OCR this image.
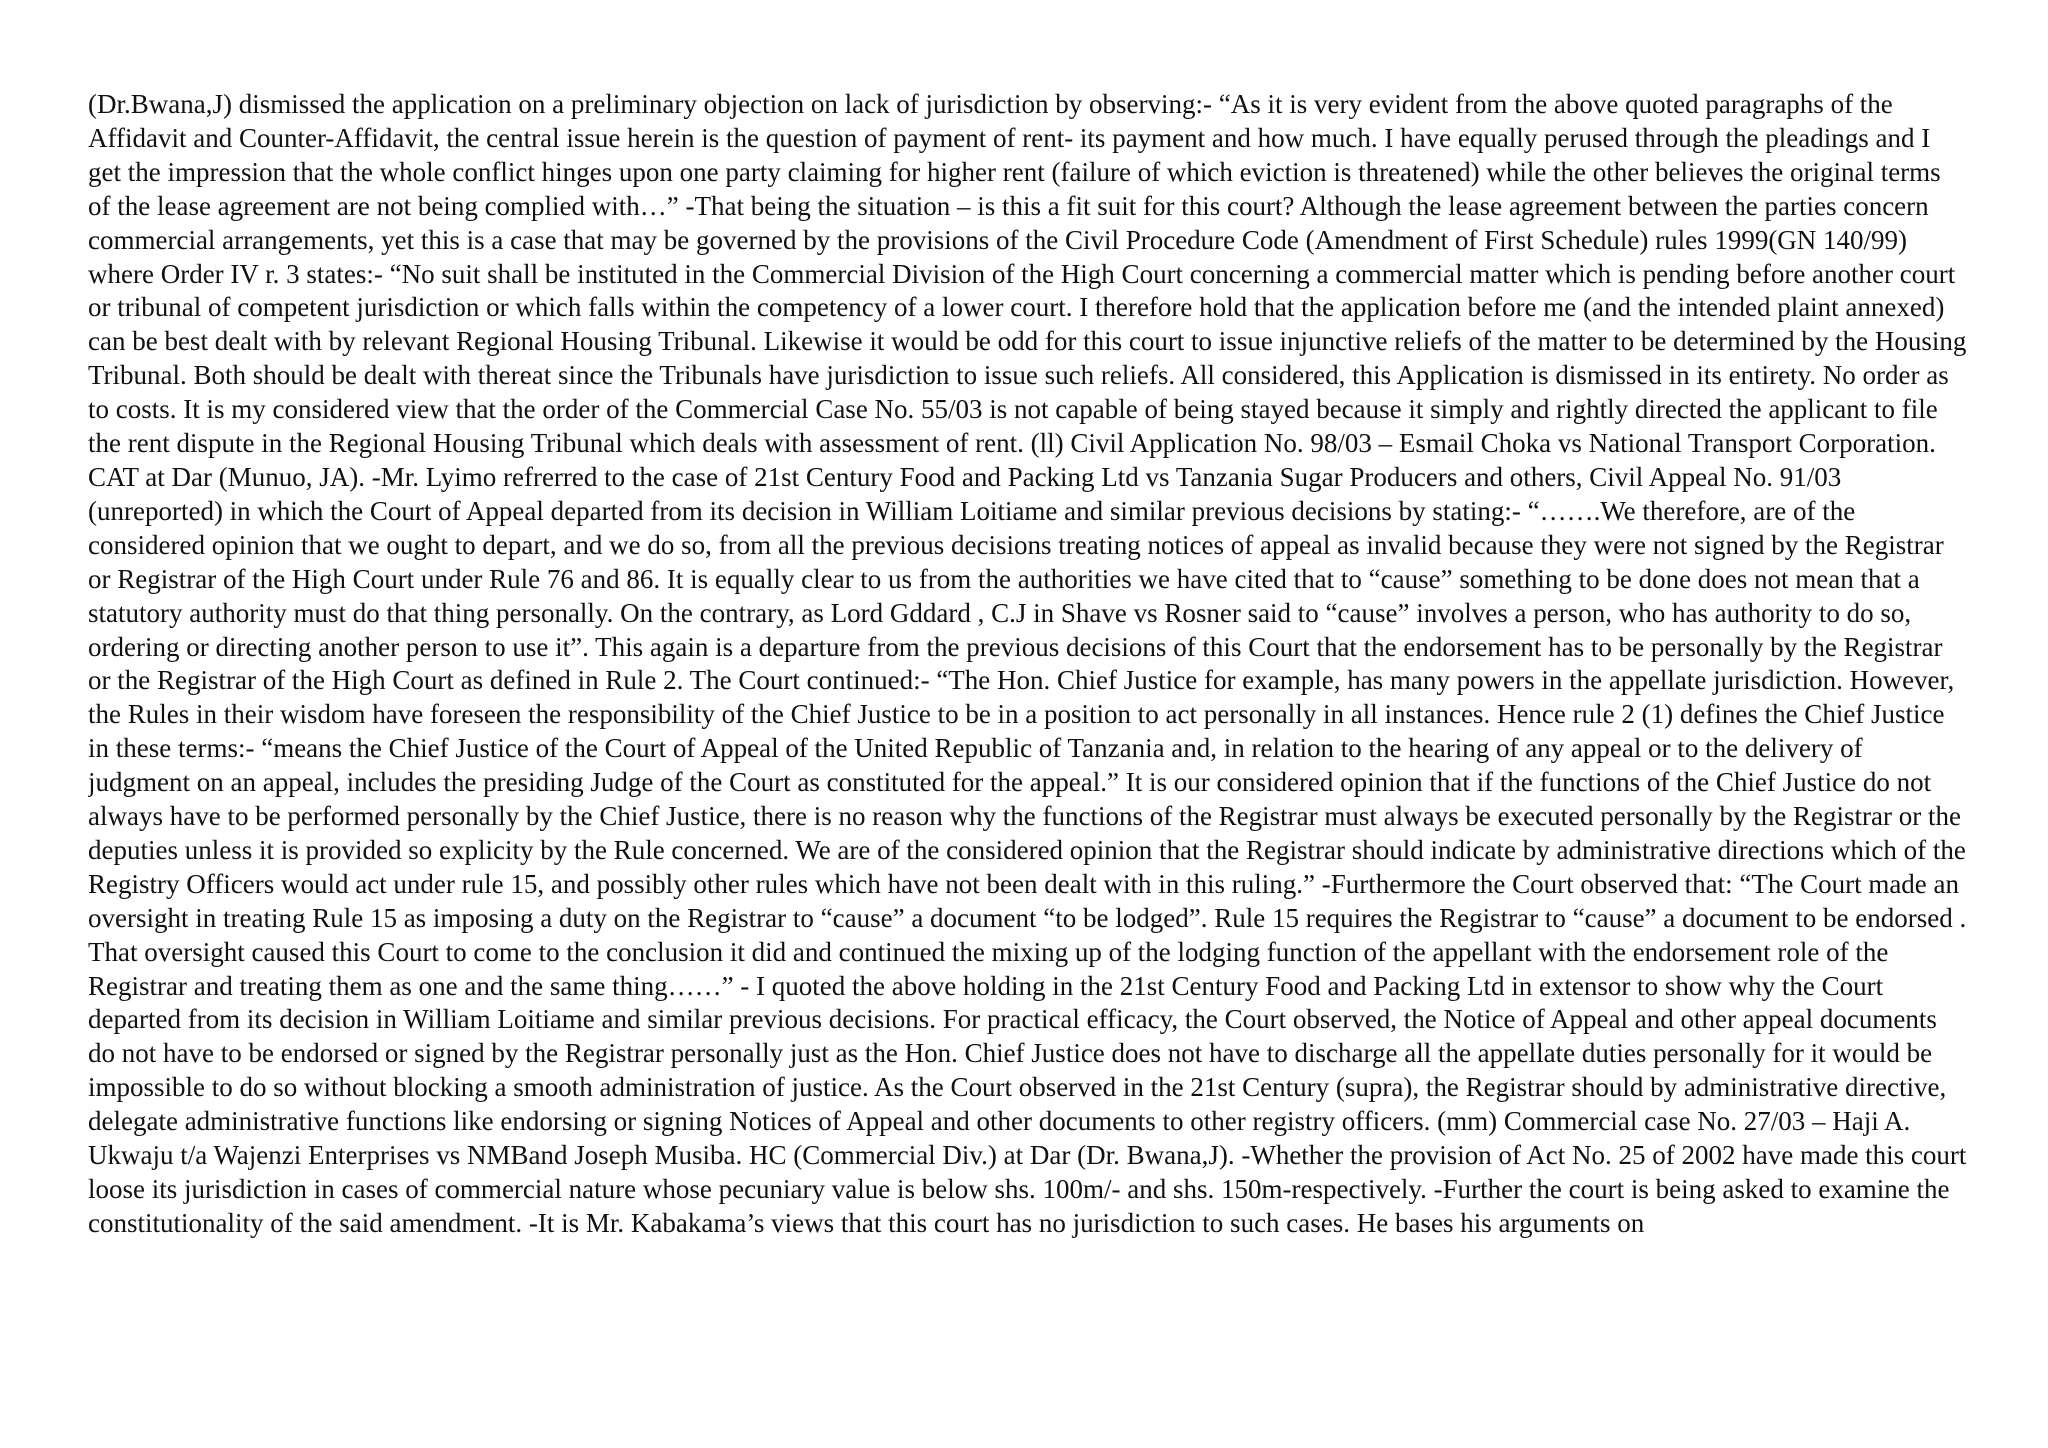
(Dr.Bwana,J) dismissed the application on a preliminary objection on lack of jurisdiction by observing:- “As it is very evident from the above quoted paragraphs of the Affidavit and Counter-Affidavit, the central issue herein is the question of payment of rent- its payment and how much. I have equally perused through the pleadings and I get the impression that the whole conflict hinges upon one party claiming for higher rent (failure of which eviction is threatened) while the other believes the original terms of the lease agreement are not being complied with…” -That being the situation – is this a fit suit for this court? Although the lease agreement between the parties concern commercial arrangements, yet this is a case that may be governed by the provisions of the Civil Procedure Code (Amendment of First Schedule) rules 1999(GN 140/99) where Order IV r. 3 states:- “No suit shall be instituted in the Commercial Division of the High Court concerning a commercial matter which is pending before another court or tribunal of competent jurisdiction or which falls within the competency of a lower court. I therefore hold that the application before me (and the intended plaint annexed) can be best dealt with by relevant Regional Housing Tribunal. Likewise it would be odd for this court to issue injunctive reliefs of the matter to be determined by the Housing Tribunal. Both should be dealt with thereat since the Tribunals have jurisdiction to issue such reliefs. All considered, this Application is dismissed in its entirety. No order as to costs. It is my considered view that the order of the Commercial Case No. 55/03 is not capable of being stayed because it simply and rightly directed the applicant to file the rent dispute in the Regional Housing Tribunal which deals with assessment of rent. (ll) Civil Application No. 98/03 – Esmail Choka vs National Transport Corporation. CAT at Dar (Munuo, JA). -Mr. Lyimo refrerred to the case of 21st Century Food and Packing Ltd vs Tanzania Sugar Producers and others, Civil Appeal No. 91/03 (unreported) in which the Court of Appeal departed from its decision in William Loitiame and similar previous decisions by stating:- “…….We therefore, are of the considered opinion that we ought to depart, and we do so, from all the previous decisions treating notices of appeal as invalid because they were not signed by the Registrar or Registrar of the High Court under Rule 76 and 86. It is equally clear to us from the authorities we have cited that to “cause” something to be done does not mean that a statutory authority must do that thing personally. On the contrary, as Lord Gddard , C.J in Shave vs Rosner said to “cause” involves a person, who has authority to do so, ordering or directing another person to use it”. This again is a departure from the previous decisions of this Court that the endorsement has to be personally by the Registrar or the Registrar of the High Court as defined in Rule 2. The Court continued:- “The Hon. Chief Justice for example, has many powers in the appellate jurisdiction. However, the Rules in their wisdom have foreseen the responsibility of the Chief Justice to be in a position to act personally in all instances. Hence rule 2 (1) defines the Chief Justice in these terms:- “means the Chief Justice of the Court of Appeal of the United Republic of Tanzania and, in relation to the hearing of any appeal or to the delivery of judgment on an appeal, includes the presiding Judge of the Court as constituted for the appeal.” It is our considered opinion that if the functions of the Chief Justice do not always have to be performed personally by the Chief Justice, there is no reason why the functions of the Registrar must always be executed personally by the Registrar or the deputies unless it is provided so explicity by the Rule concerned. We are of the considered opinion that the Registrar should indicate by administrative directions which of the Registry Officers would act under rule 15, and possibly other rules which have not been dealt with in this ruling.” -Furthermore the Court observed that: “The Court made an oversight in treating Rule 15 as imposing a duty on the Registrar to “cause” a document “to be lodged”. Rule 15 requires the Registrar to “cause” a document to be endorsed . That oversight caused this Court to come to the conclusion it did and continued the mixing up of the lodging function of the appellant with the endorsement role of the Registrar and treating them as one and the same thing……” - I quoted the above holding in the 21st Century Food and Packing Ltd in extensor to show why the Court departed from its decision in William Loitiame and similar previous decisions. For practical efficacy, the Court observed, the Notice of Appeal and other appeal documents do not have to be endorsed or signed by the Registrar personally just as the Hon. Chief Justice does not have to discharge all the appellate duties personally for it would be impossible to do so without blocking a smooth administration of justice. As the Court observed in the 21st Century (supra), the Registrar should by administrative directive, delegate administrative functions like endorsing or signing Notices of Appeal and other documents to other registry officers. (mm) Commercial case No. 27/03 – Haji A. Ukwaju t/a Wajenzi Enterprises vs NMBand Joseph Musiba. HC (Commercial Div.) at Dar (Dr. Bwana,J). -Whether the provision of Act No. 25 of 2002 have made this court loose its jurisdiction in cases of commercial nature whose pecuniary value is below shs. 100m/- and shs. 150m-respectively. -Further the court is being asked to examine the constitutionality of the said amendment. -It is Mr. Kabakama’s views that this court has no jurisdiction to such cases. He bases his arguments on
